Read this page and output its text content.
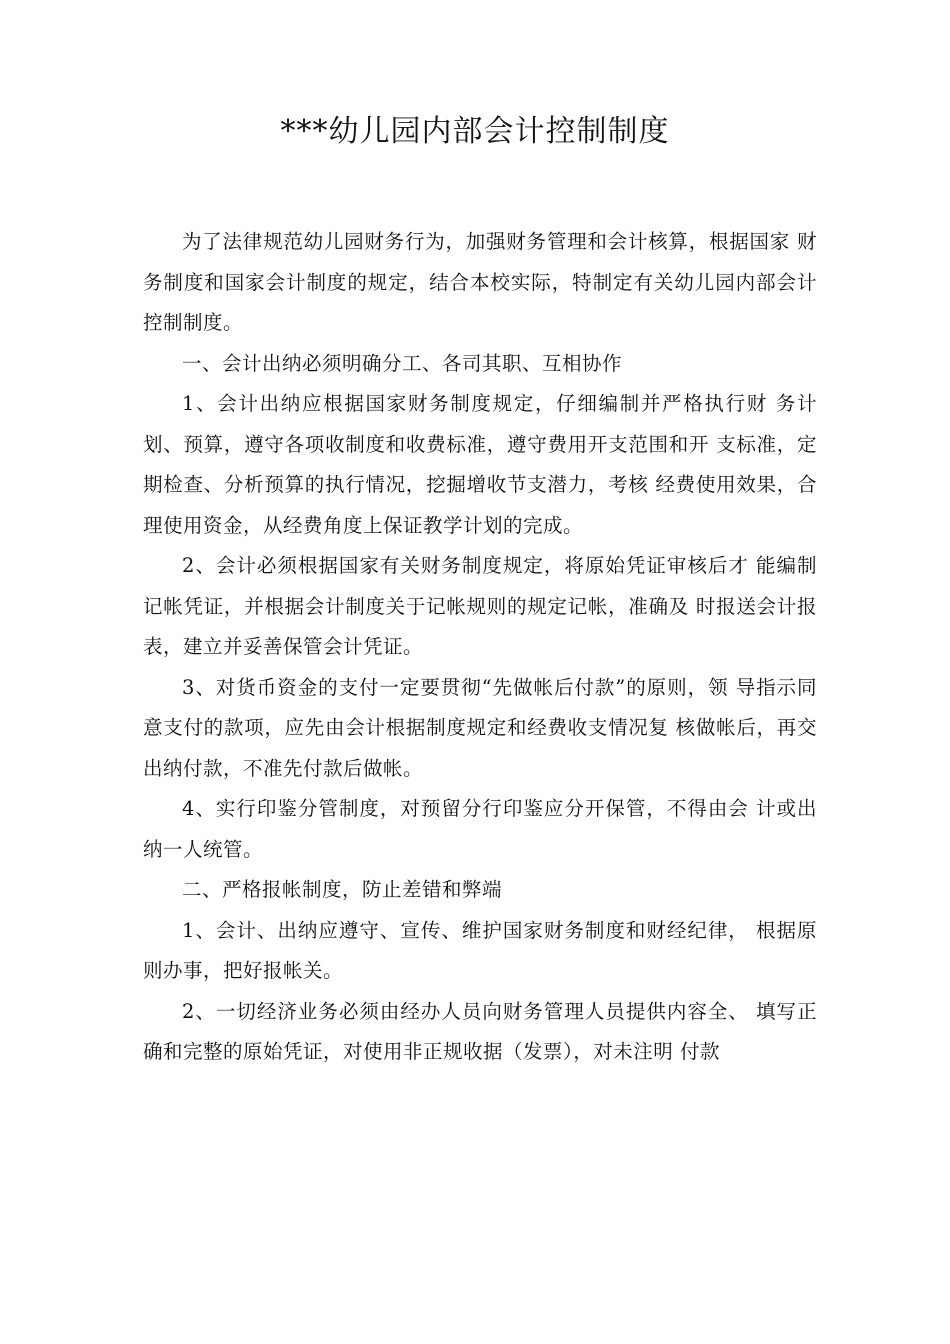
***幼儿园内部会计控制制度

为了法律规范幼儿园财务行为，加强财务管理和会计核算，根据国家 财务制度和国家会计制度的规定，结合本校实际，特制定有关幼儿园内部会计控制制度。

一、会计出纳必须明确分工、各司其职、互相协作

1、会计出纳应根据国家财务制度规定，仔细编制并严格执行财 务计划、预算，遵守各项收制度和收费标准，遵守费用开支范围和开 支标准，定期检查、分析预算的执行情况，挖掘增收节支潜力，考核 经费使用效果，合理使用资金，从经费角度上保证教学计划的完成。

2、会计必须根据国家有关财务制度规定，将原始凭证审核后才 能编制记帐凭证，并根据会计制度关于记帐规则的规定记帐，准确及 时报送会计报表，建立并妥善保管会计凭证。

3、对货币资金的支付一定要贯彻“先做帐后付款”的原则，领 导指示同意支付的款项，应先由会计根据制度规定和经费收支情况复 核做帐后，再交出纳付款，不准先付款后做帐。

4、实行印鉴分管制度，对预留分行印鉴应分开保管，不得由会 计或出纳一人统管。

二、严格报帐制度，防止差错和弊端

1、会计、出纳应遵守、宣传、维护国家财务制度和财经纪律， 根据原则办事，把好报帐关。

2、一切经济业务必须由经办人员向财务管理人员提供内容全、 填写正确和完整的原始凭证，对使用非正规收据（发票），对未注明 付款
